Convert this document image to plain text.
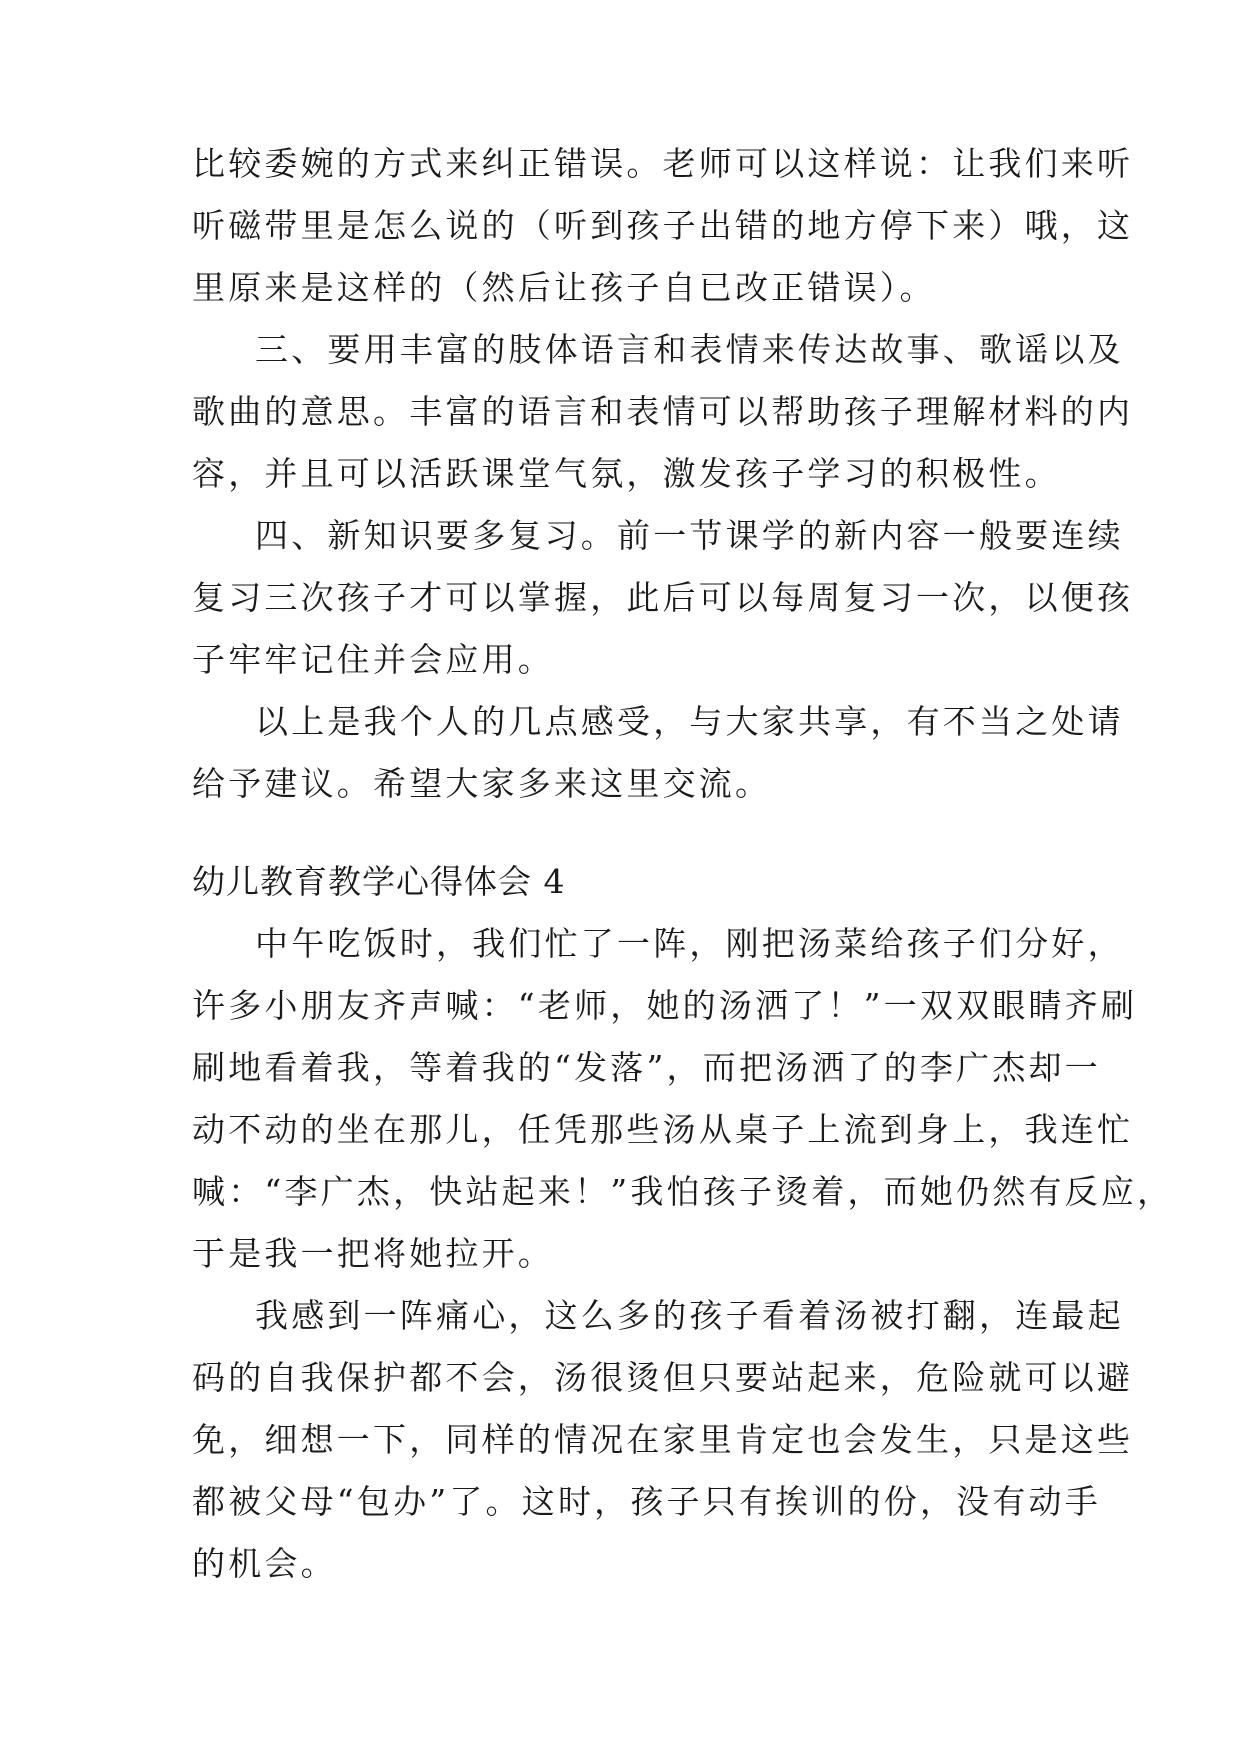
比较委婉的方式来纠正错误。老师可以这样说：让我们来听
听磁带里是怎么说的（听到孩子出错的地方停下来）哦，这
里原来是这样的（然后让孩子自已改正错误）。
三、要用丰富的肢体语言和表情来传达故事、歌谣以及
歌曲的意思。丰富的语言和表情可以帮助孩子理解材料的内
容，并且可以活跃课堂气氛，激发孩子学习的积极性。
四、新知识要多复习。前一节课学的新内容一般要连续
复习三次孩子才可以掌握，此后可以每周复习一次，以便孩
子牢牢记住并会应用。
以上是我个人的几点感受，与大家共享，有不当之处请
给予建议。希望大家多来这里交流。
幼儿教育教学心得体会 4
中午吃饭时，我们忙了一阵，刚把汤菜给孩子们分好，
许多小朋友齐声喊：“老师，她的汤洒了！”一双双眼睛齐刷
刷地看着我，等着我的“发落”，而把汤洒了的李广杰却一
动不动的坐在那儿，任凭那些汤从桌子上流到身上，我连忙
喊：“李广杰，快站起来！”我怕孩子烫着，而她仍然有反应，
于是我一把将她拉开。
我感到一阵痛心，这么多的孩子看着汤被打翻，连最起
码的自我保护都不会，汤很烫但只要站起来，危险就可以避
免，细想一下，同样的情况在家里肯定也会发生，只是这些
都被父母“包办”了。这时，孩子只有挨训的份，没有动手
的机会。
